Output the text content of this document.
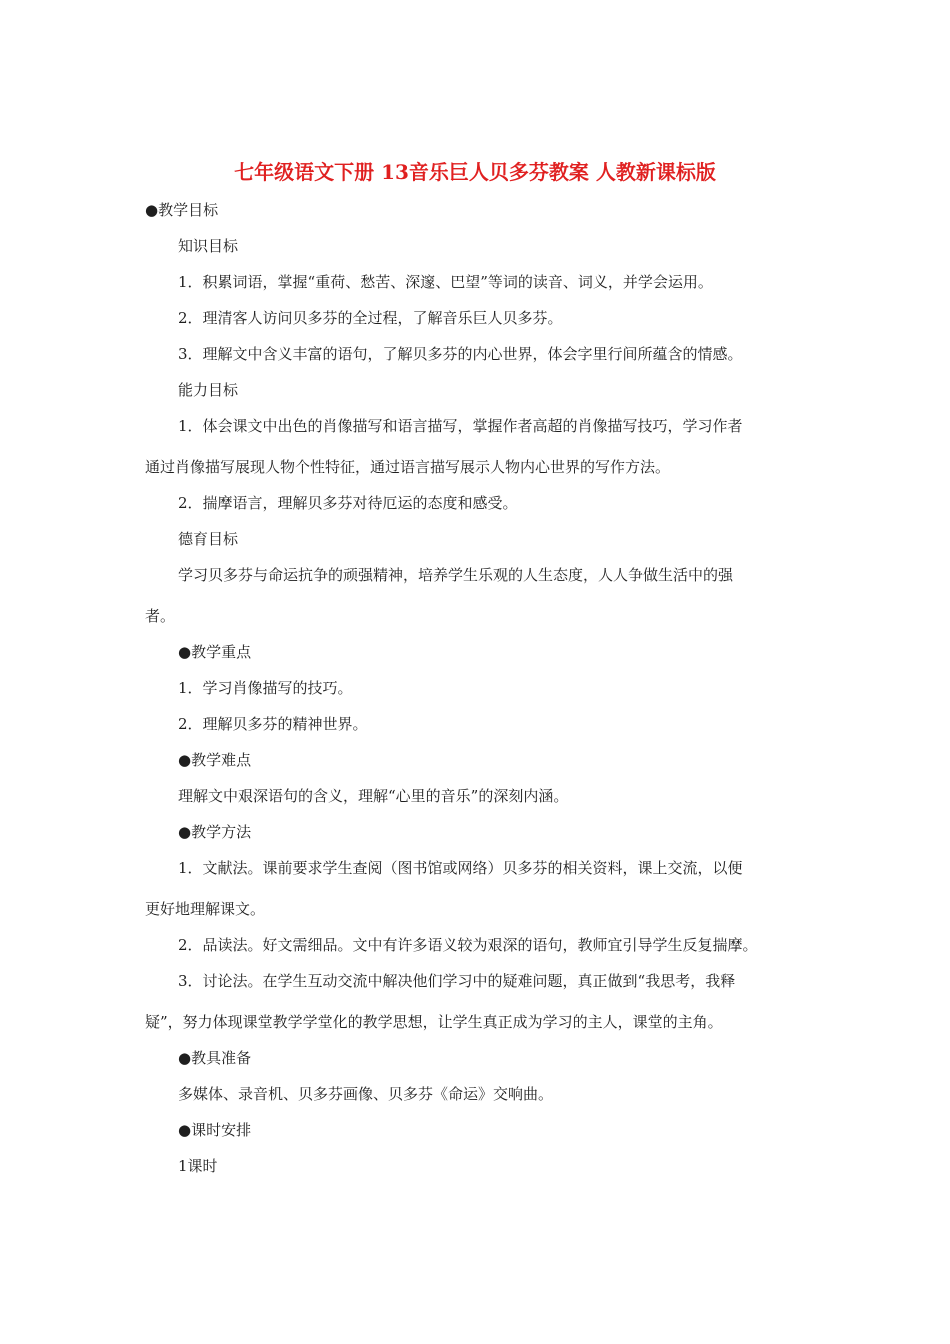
七年级语文下册 13音乐巨人贝多芬教案 人教新课标版
●教学目标
知识目标
1．积累词语，掌握“重荷、愁苦、深邃、巴望”等词的读音、词义，并学会运用。
2．理清客人访问贝多芬的全过程，了解音乐巨人贝多芬。
3．理解文中含义丰富的语句，了解贝多芬的内心世界，体会字里行间所蕴含的情感。
能力目标
1．体会课文中出色的肖像描写和语言描写，掌握作者高超的肖像描写技巧，学习作者
通过肖像描写展现人物个性特征，通过语言描写展示人物内心世界的写作方法。
2．揣摩语言，理解贝多芬对待厄运的态度和感受。
德育目标
学习贝多芬与命运抗争的顽强精神，培养学生乐观的人生态度，人人争做生活中的强
者。
●教学重点
1．学习肖像描写的技巧。
2．理解贝多芬的精神世界。
●教学难点
理解文中艰深语句的含义，理解“心里的音乐”的深刻内涵。
●教学方法
1．文献法。课前要求学生查阅（图书馆或网络）贝多芬的相关资料，课上交流，以便
更好地理解课文。
2．品读法。好文需细品。文中有许多语义较为艰深的语句，教师宜引导学生反复揣摩。
3．讨论法。在学生互动交流中解决他们学习中的疑难问题，真正做到“我思考，我释
疑”，努力体现课堂教学学堂化的教学思想，让学生真正成为学习的主人，课堂的主角。
●教具准备
多媒体、录音机、贝多芬画像、贝多芬《命运》交响曲。
●课时安排
1课时
